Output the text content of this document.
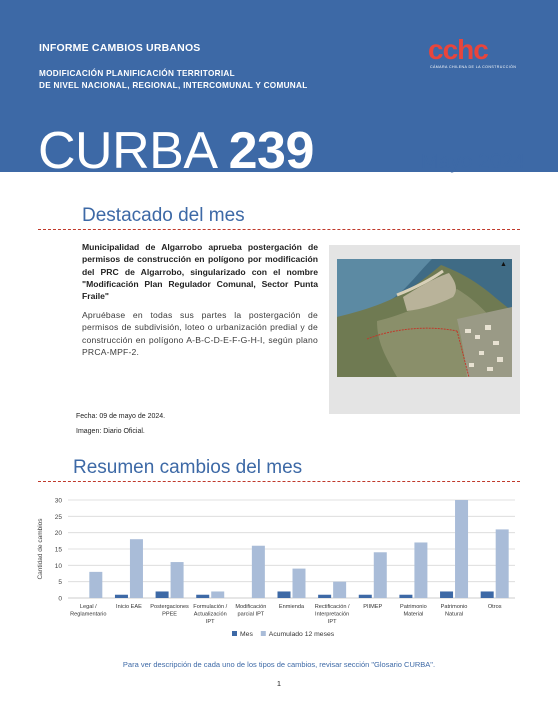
INFORME CAMBIOS URBANOS
MODIFICACIÓN PLANIFICACIÓN TERRITORIAL
DE NIVEL NACIONAL, REGIONAL, INTERCOMUNAL Y COMUNAL
cchc
CÁMARA CHILENA DE LA CONSTRUCCIÓN
CURBA 239	Mayo 2024
Destacado del mes
Municipalidad de Algarrobo aprueba postergación de permisos de construcción en polígono por modificación del PRC de Algarrobo, singularizado con el nombre "Modificación Plan Regulador Comunal, Sector Punta Fraile"
Apruébase en todas sus partes la postergación de permisos de subdivisión, loteo o urbanización predial y de construcción en polígono A-B-C-D-E-F-G-H-I, según plano PRCA-MPF-2.
▲
Fecha: 09 de mayo de 2024.
Imagen: Diario Oficial.
Resumen cambios del mes
0
5
10
15
20
25
30
Cantidad de cambios
Legal /
Reglamentario
Inicio EAE Postergaciones
PPEE
Formulación /
Actualización
IPT
Modificación
parcial IPT
Enmienda Rectificación /
Interpretación
IPT
PIIMEP	Patrimonio
Material
Patrimonio
Natural
Otros
Mes Acumulado 12 meses
Para ver descripción de cada uno de los tipos de cambios, revisar sección "Glosario CURBA".
1
